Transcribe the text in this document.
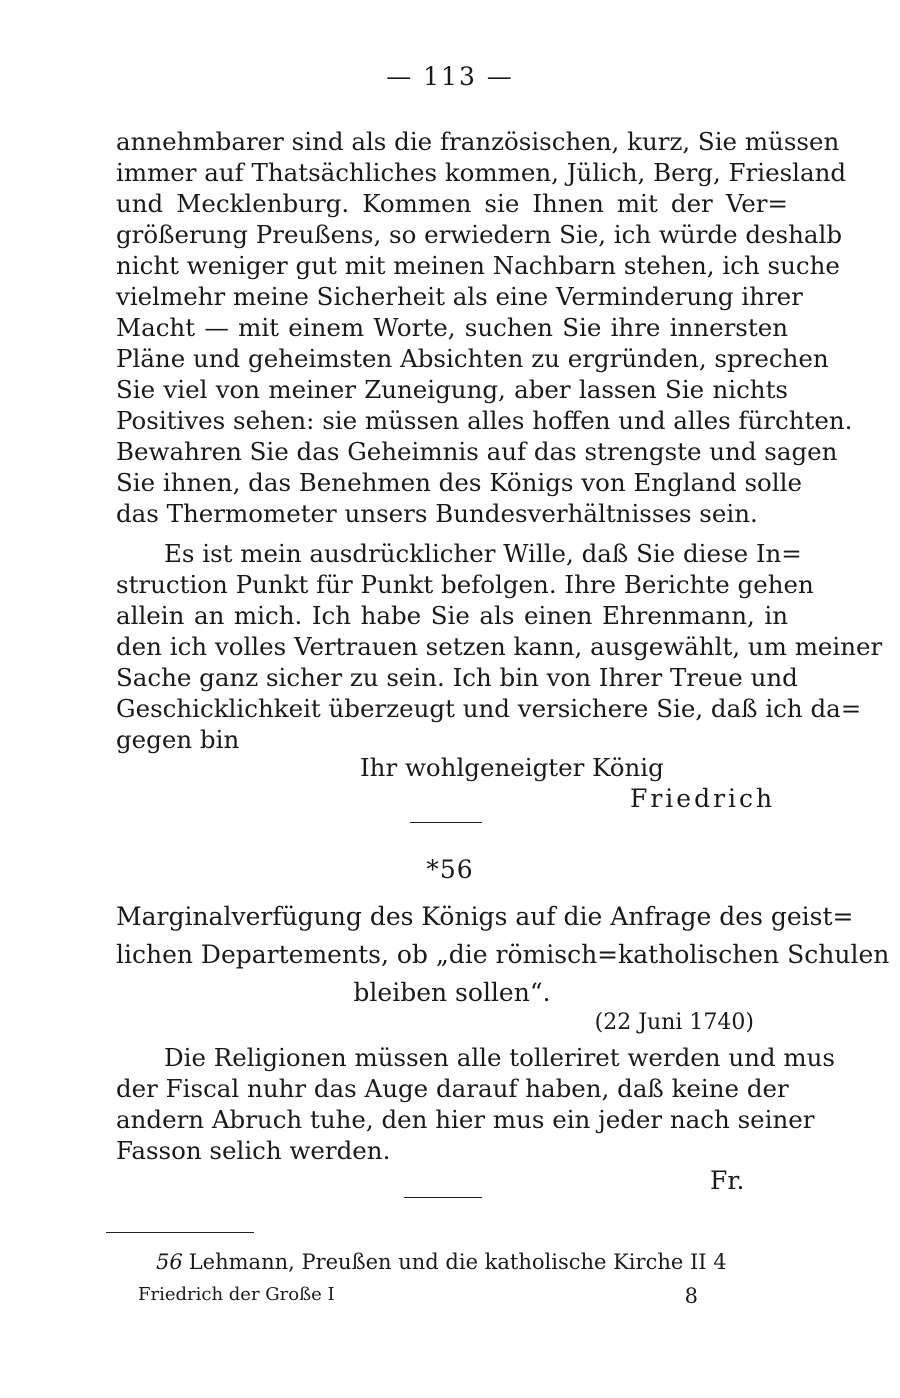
— 113 —
annehmbarer sind als die französischen, kurz, Sie müssen
immer auf Thatsächliches kommen, Jülich, Berg, Friesland
und Mecklenburg. Kommen sie Ihnen mit der Ver=
größerung Preußens, so erwiedern Sie, ich würde deshalb
nicht weniger gut mit meinen Nachbarn stehen, ich suche
vielmehr meine Sicherheit als eine Verminderung ihrer
Macht — mit einem Worte, suchen Sie ihre innersten
Pläne und geheimsten Absichten zu ergründen, sprechen
Sie viel von meiner Zuneigung, aber lassen Sie nichts
Positives sehen: sie müssen alles hoffen und alles fürchten.
Bewahren Sie das Geheimnis auf das strengste und sagen
Sie ihnen, das Benehmen des Königs von England solle
das Thermometer unsers Bundesverhältnisses sein.
Es ist mein ausdrücklicher Wille, daß Sie diese In=
struction Punkt für Punkt befolgen. Ihre Berichte gehen
allein an mich. Ich habe Sie als einen Ehrenmann, in
den ich volles Vertrauen setzen kann, ausgewählt, um meiner
Sache ganz sicher zu sein. Ich bin von Ihrer Treue und
Geschicklichkeit überzeugt und versichere Sie, daß ich da=
gegen bin
Ihr wohlgeneigter König
Friedrich
*56
Marginalverfügung des Königs auf die Anfrage des geist=
lichen Departements, ob „die römisch=katholischen Schulen
bleiben sollen“.
(22 Juni 1740)
Die Religionen müssen alle tolleriret werden und mus
der Fiscal nuhr das Auge darauf haben, daß keine der
andern Abruch tuhe, den hier mus ein jeder nach seiner
Fasson selich werden.
Fr.
56 Lehmann, Preußen und die katholische Kirche II 4
Friedrich der Große I	8
